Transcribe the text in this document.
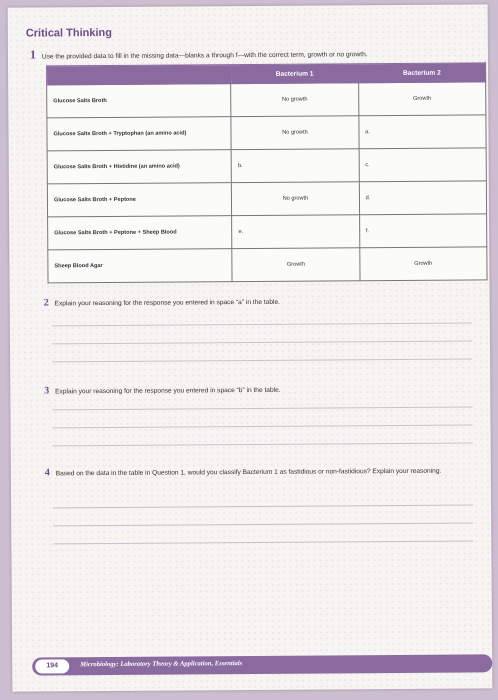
Critical Thinking
1 Use the provided data to fill in the missing data—blanks a through f—with the correct term, growth or no growth.
	Bacterium 1	Bacterium 2
Glucose Salts Broth	No growth	Growth
Glucose Salts Broth + Tryptophan (an amino acid)	No growth	a.
Glucose Salts Broth + Histidine (an amino acid)	b.	c.
Glucose Salts Broth + Peptone	No growth	d.
Glucose Salts Broth + Peptone + Sheep Blood	e.	f.
Sheep Blood Agar	Growth	Growth
2 Explain your reasoning for the response you entered in space “a” in the table.
3 Explain your reasoning for the response you entered in space “b” in the table.
4 Based on the data in the table in Question 1, would you classify Bacterium 1 as fastidious or non-fastidious? Explain your reasoning.
194	Microbiology: Laboratory Theory & Application, Essentials
